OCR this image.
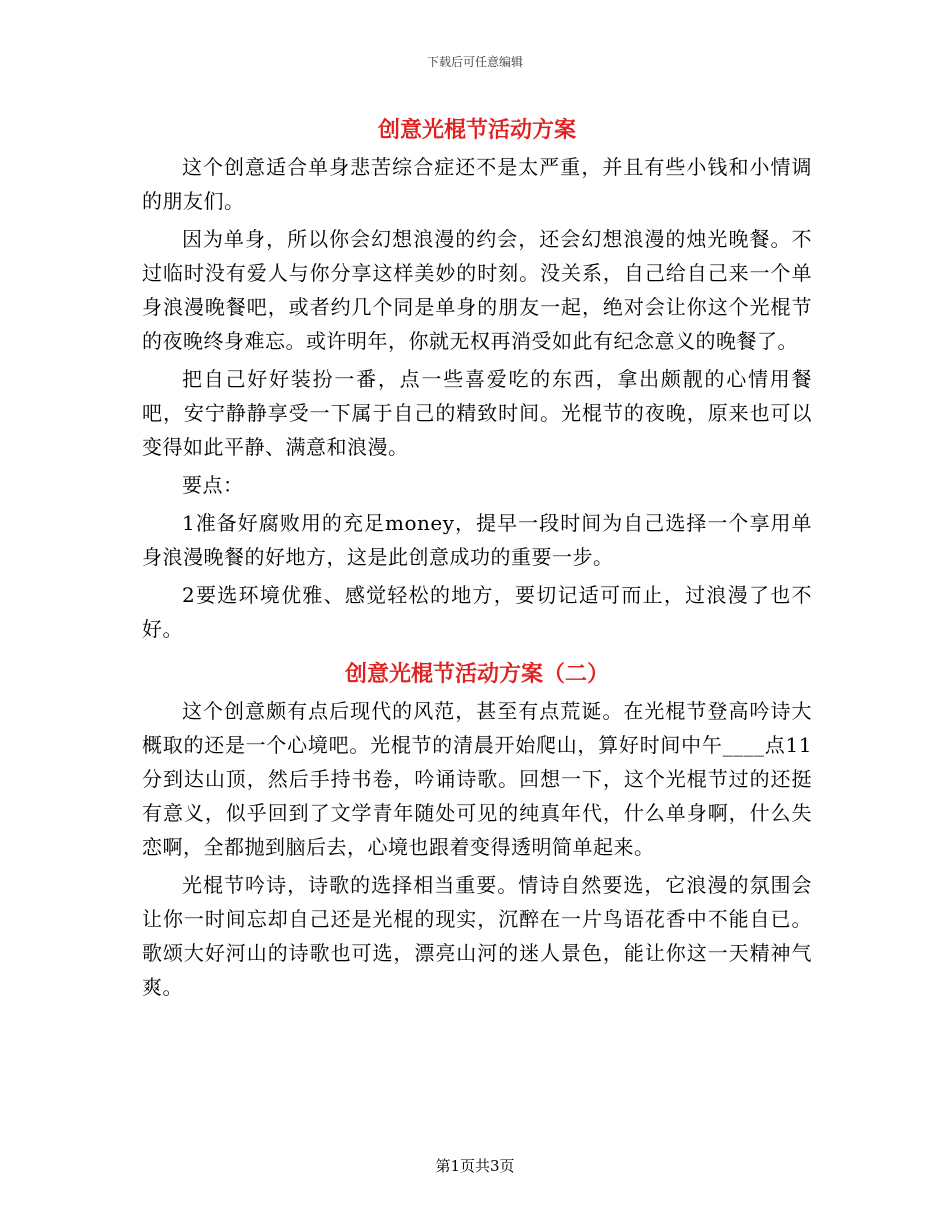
下载后可任意编辑
创意光棍节活动方案

这个创意适合单身悲苦综合症还不是太严重，并且有些小钱和小情调的朋友们。

因为单身，所以你会幻想浪漫的约会，还会幻想浪漫的烛光晚餐。不过临时没有爱人与你分享这样美妙的时刻。没关系，自己给自己来一个单身浪漫晚餐吧，或者约几个同是单身的朋友一起，绝对会让你这个光棍节的夜晚终身难忘。或许明年，你就无权再消受如此有纪念意义的晚餐了。

把自己好好装扮一番，点一些喜爱吃的东西，拿出颇靓的心情用餐吧，安宁静静享受一下属于自己的精致时间。光棍节的夜晚，原来也可以变得如此平静、满意和浪漫。

要点：

1准备好腐败用的充足money，提早一段时间为自己选择一个享用单身浪漫晚餐的好地方，这是此创意成功的重要一步。

2要选环境优雅、感觉轻松的地方，要切记适可而止，过浪漫了也不好。

创意光棍节活动方案（二）

这个创意颇有点后现代的风范，甚至有点荒诞。在光棍节登高吟诗大概取的还是一个心境吧。光棍节的清晨开始爬山，算好时间中午____点11分到达山顶，然后手持书卷，吟诵诗歌。回想一下，这个光棍节过的还挺有意义，似乎回到了文学青年随处可见的纯真年代，什么单身啊，什么失恋啊，全都抛到脑后去，心境也跟着变得透明简单起来。

光棍节吟诗，诗歌的选择相当重要。情诗自然要选，它浪漫的氛围会让你一时间忘却自己还是光棍的现实，沉醉在一片鸟语花香中不能自已。歌颂大好河山的诗歌也可选，漂亮山河的迷人景色，能让你这一天精神气爽。

第1页共3页
